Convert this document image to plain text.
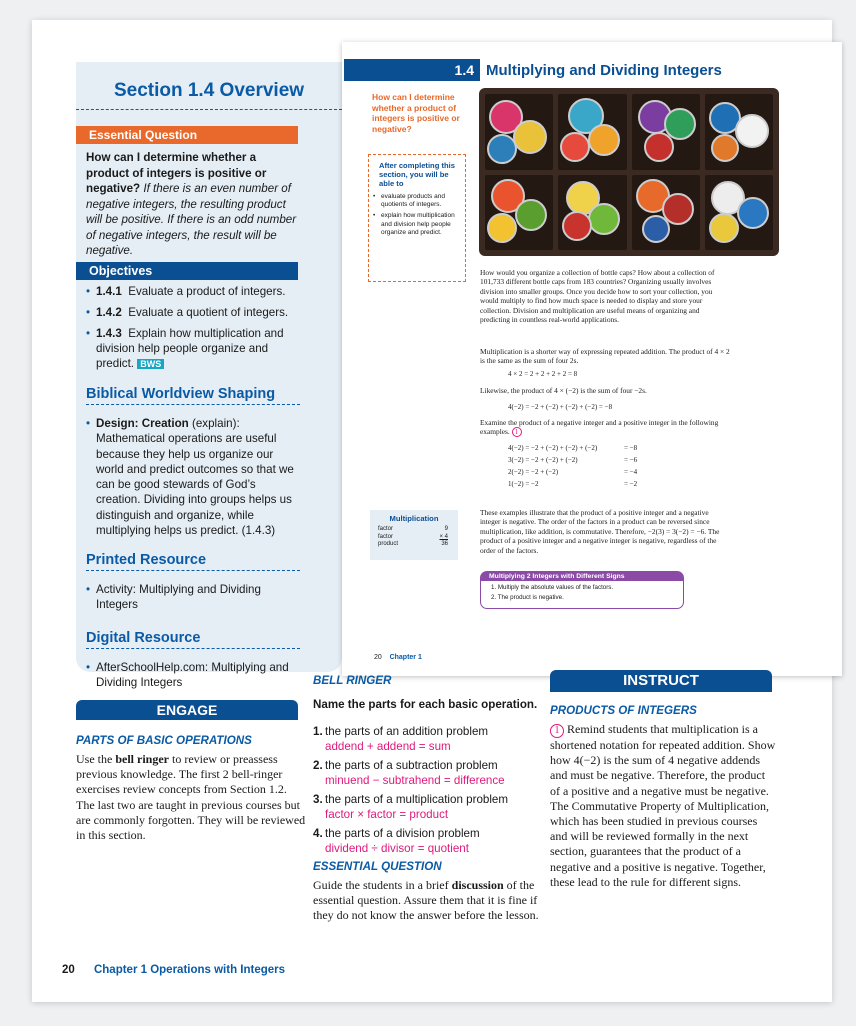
Section 1.4 Overview
Essential Question
How can I determine whether a product of integers is positive or negative? If there is an even number of negative integers, the resulting product will be positive. If there is an odd number of negative integers, the result will be negative.
Objectives
• 1.4.1 Evaluate a product of integers.
• 1.4.2 Evaluate a quotient of integers.
• 1.4.3 Explain how multiplication and division help people organize and predict. BWS
Biblical Worldview Shaping
• Design: Creation (explain): Mathematical operations are useful because they help us organize our world and predict outcomes so that we can be good stewards of God’s creation. Dividing into groups helps us distinguish and organize, while multiplying helps us predict. (1.4.3)
Printed Resource
• Activity: Multiplying and Dividing Integers
Digital Resource
• AfterSchoolHelp.com: Multiplying and Dividing Integers
1.4 Multiplying and Dividing Integers
How can I determine whether a product of integers is positive or negative?
After completing this section, you will be able to
• evaluate products and quotients of integers.
• explain how multiplication and division help people organize and predict.
How would you organize a collection of bottle caps? How about a collection of 101,733 different bottle caps from 183 countries? Organizing usually involves division into smaller groups. Once you decide how to sort your collection, you would multiply to find how much space is needed to display and store your collection. Division and multiplication are useful means of organizing and predicting in countless real-world applications.
Multiplication is a shorter way of expressing repeated addition. The product of 4 × 2 is the same as the sum of four 2s.
4 × 2 = 2 + 2 + 2 + 2 = 8
Likewise, the product of 4 × (−2) is the sum of four −2s.
4(−2) = −2 + (−2) + (−2) + (−2) = −8
Examine the product of a negative integer and a positive integer in the following examples. 1
4(−2) = −2 + (−2) + (−2) + (−2)	= −8
3(−2) = −2 + (−2) + (−2)	= −6
2(−2) = −2 + (−2)	= −4
1(−2) = −2	= −2
These examples illustrate that the product of a positive integer and a negative integer is negative. The order of the factors in a product can be reversed since multiplication, like addition, is commutative. Therefore, −2(3) = 3(−2) = −6. The product of a positive integer and a negative integer is negative, regardless of the order of the factors.
Multiplication
factor	9
factor	× 4
product	36
Multiplying 2 Integers with Different Signs
1. Multiply the absolute values of the factors.
2. The product is negative.
20 Chapter 1
ENGAGE
PARTS OF BASIC OPERATIONS
Use the bell ringer to review or preassess previous knowledge. The first 2 bell-ringer exercises review concepts from Section 1.2. The last two are taught in previous courses but are commonly forgotten. They will be reviewed in this section.
BELL RINGER
Name the parts for each basic operation.
1. the parts of an addition problem
addend + addend = sum
2. the parts of a subtraction problem
minuend − subtrahend = difference
3. the parts of a multiplication problem
factor × factor = product
4. the parts of a division problem
dividend ÷ divisor = quotient
ESSENTIAL QUESTION
Guide the students in a brief discussion of the essential question. Assure them that it is fine if they do not know the answer before the lesson.
INSTRUCT
PRODUCTS OF INTEGERS
1 Remind students that multiplication is a shortened notation for repeated addition. Show how 4(−2) is the sum of 4 negative addends and must be negative. Therefore, the product of a positive and a negative must be negative. The Commutative Property of Multiplication, which has been studied in previous courses and will be reviewed formally in the next section, guarantees that the product of a negative and a positive is negative. Together, these lead to the rule for different signs.
20 Chapter 1 Operations with Integers
